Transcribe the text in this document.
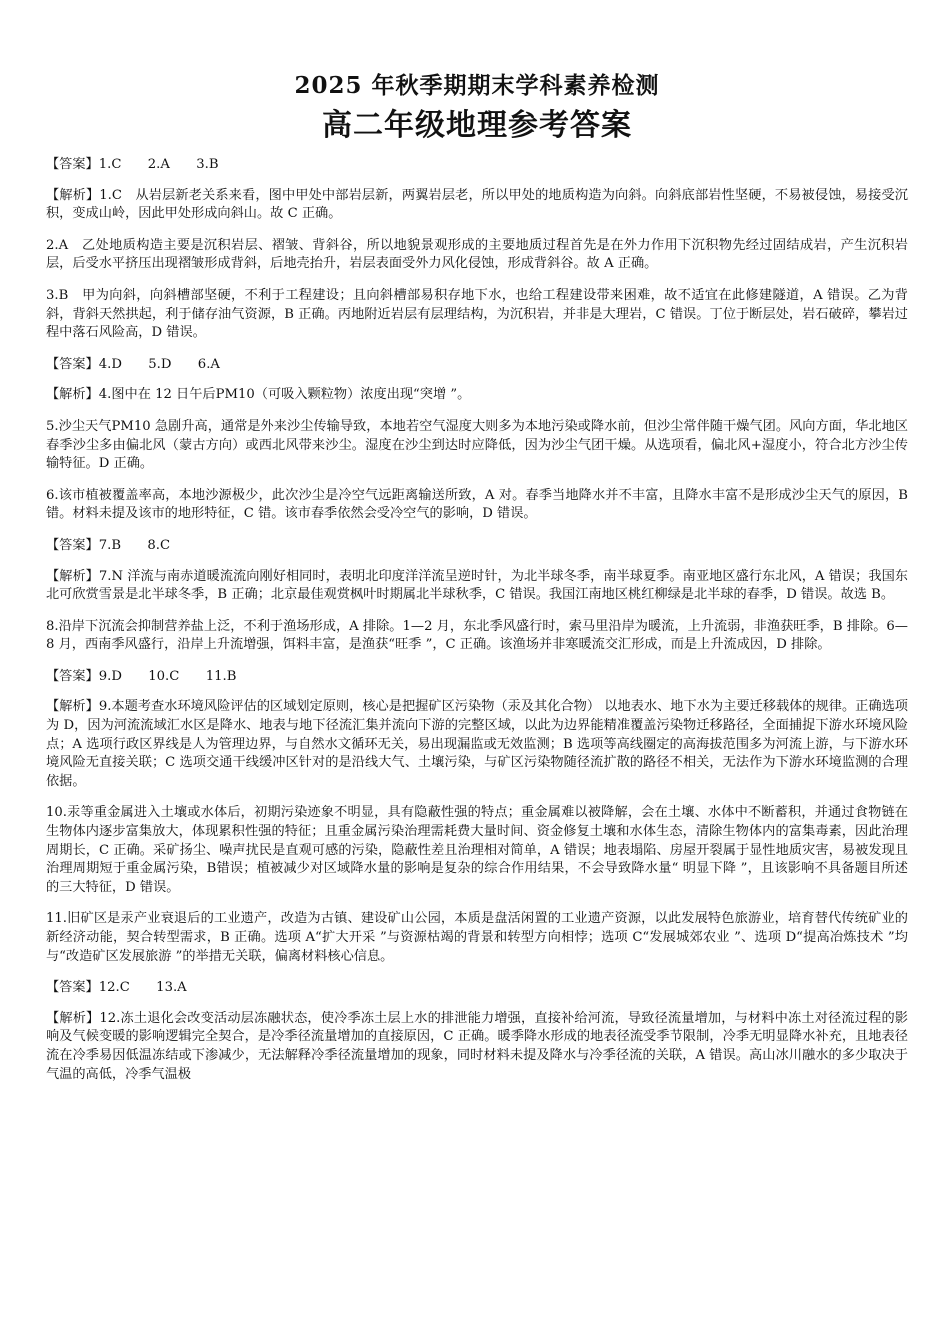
2025 年秋季期期末学科素养检测
高二年级地理参考答案

【答案】1.C　　2.A　　3.B

【解析】1.C　从岩层新老关系来看，图中甲处中部岩层新，两翼岩层老，所以甲处的地质构造为向斜。向斜底部岩性坚硬，不易被侵蚀，易接受沉积，变成山岭，因此甲处形成向斜山。故 C 正确。

2.A　乙处地质构造主要是沉积岩层、褶皱、背斜谷，所以地貌景观形成的主要地质过程首先是在外力作用下沉积物先经过固结成岩，产生沉积岩层，后受水平挤压出现褶皱形成背斜，后地壳抬升，岩层表面受外力风化侵蚀，形成背斜谷。故 A 正确。

3.B　甲为向斜，向斜槽部坚硬，不利于工程建设；且向斜槽部易积存地下水，也给工程建设带来困难，故不适宜在此修建隧道，A 错误。乙为背斜，背斜天然拱起，利于储存油气资源，B 正确。丙地附近岩层有层理结构，为沉积岩，并非是大理岩，C 错误。丁位于断层处，岩石破碎，攀岩过程中落石风险高，D 错误。

【答案】4.D　　5.D　　6.A

【解析】4.图中在 12 日午后PM10（可吸入颗粒物）浓度出现“突增 ”。

5.沙尘天气PM10 急剧升高，通常是外来沙尘传输导致，本地若空气湿度大则多为本地污染或降水前，但沙尘常伴随干燥气团。风向方面，华北地区春季沙尘多由偏北风（蒙古方向）或西北风带来沙尘。湿度在沙尘到达时应降低，因为沙尘气团干燥。从选项看，偏北风+湿度小，符合北方沙尘传输特征。D 正确。

6.该市植被覆盖率高，本地沙源极少，此次沙尘是冷空气远距离输送所致，A 对。春季当地降水并不丰富，且降水丰富不是形成沙尘天气的原因，B 错。材料未提及该市的地形特征，C 错。该市春季依然会受冷空气的影响，D 错误。

【答案】7.B　　8.C

【解析】7.N 洋流与南赤道暖流流向刚好相同时，表明北印度洋洋流呈逆时针，为北半球冬季，南半球夏季。南亚地区盛行东北风，A 错误；我国东北可欣赏雪景是北半球冬季，B 正确；北京最佳观赏枫叶时期属北半球秋季，C 错误。我国江南地区桃红柳绿是北半球的春季，D 错误。故选 B。

8.沿岸下沉流会抑制营养盐上泛，不利于渔场形成，A 排除。1—2 月，东北季风盛行时，索马里沿岸为暖流，上升流弱，非渔获旺季，B 排除。6—8 月，西南季风盛行，沿岸上升流增强，饵料丰富，是渔获“旺季 ”，C 正确。该渔场并非寒暖流交汇形成，而是上升流成因，D 排除。

【答案】9.D　　10.C　　11.B

【解析】9.本题考查水环境风险评估的区域划定原则，核心是把握矿区污染物（汞及其化合物） 以地表水、地下水为主要迁移载体的规律。正确选项为 D，因为河流流域汇水区是降水、地表与地下径流汇集并流向下游的完整区域，以此为边界能精准覆盖污染物迁移路径，全面捕捉下游水环境风险点；A 选项行政区界线是人为管理边界，与自然水文循环无关，易出现漏监或无效监测；B 选项等高线圈定的高海拔范围多为河流上游，与下游水环境风险无直接关联；C 选项交通干线缓冲区针对的是沿线大气、土壤污染，与矿区污染物随径流扩散的路径不相关，无法作为下游水环境监测的合理依据。

10.汞等重金属进入土壤或水体后，初期污染迹象不明显，具有隐蔽性强的特点；重金属难以被降解，会在土壤、水体中不断蓄积，并通过食物链在生物体内逐步富集放大，体现累积性强的特征；且重金属污染治理需耗费大量时间、资金修复土壤和水体生态，清除生物体内的富集毒素，因此治理周期长，C 正确。采矿扬尘、噪声扰民是直观可感的污染，隐蔽性差且治理相对简单，A 错误；地表塌陷、房屋开裂属于显性地质灾害，易被发现且治理周期短于重金属污染，B错误；植被减少对区域降水量的影响是复杂的综合作用结果，不会导致降水量“ 明显下降 ”，且该影响不具备题目所述的三大特征，D 错误。

11.旧矿区是汞产业衰退后的工业遗产，改造为古镇、建设矿山公园，本质是盘活闲置的工业遗产资源，以此发展特色旅游业，培育替代传统矿业的新经济动能，契合转型需求，B 正确。选项 A“扩大开采 ”与资源枯竭的背景和转型方向相悖；选项 C“发展城郊农业 ”、选项 D“提高冶炼技术 ”均与“改造矿区发展旅游 ”的举措无关联，偏离材料核心信息。

【答案】12.C　　13.A

【解析】12.冻土退化会改变活动层冻融状态，使冷季冻土层上水的排泄能力增强，直接补给河流，导致径流量增加，与材料中冻土对径流过程的影响及气候变暖的影响逻辑完全契合，是冷季径流量增加的直接原因，C 正确。暖季降水形成的地表径流受季节限制，冷季无明显降水补充，且地表径流在冷季易因低温冻结或下渗减少，无法解释冷季径流量增加的现象，同时材料未提及降水与冷季径流的关联，A 错误。高山冰川融水的多少取决于气温的高低，冷季气温极
